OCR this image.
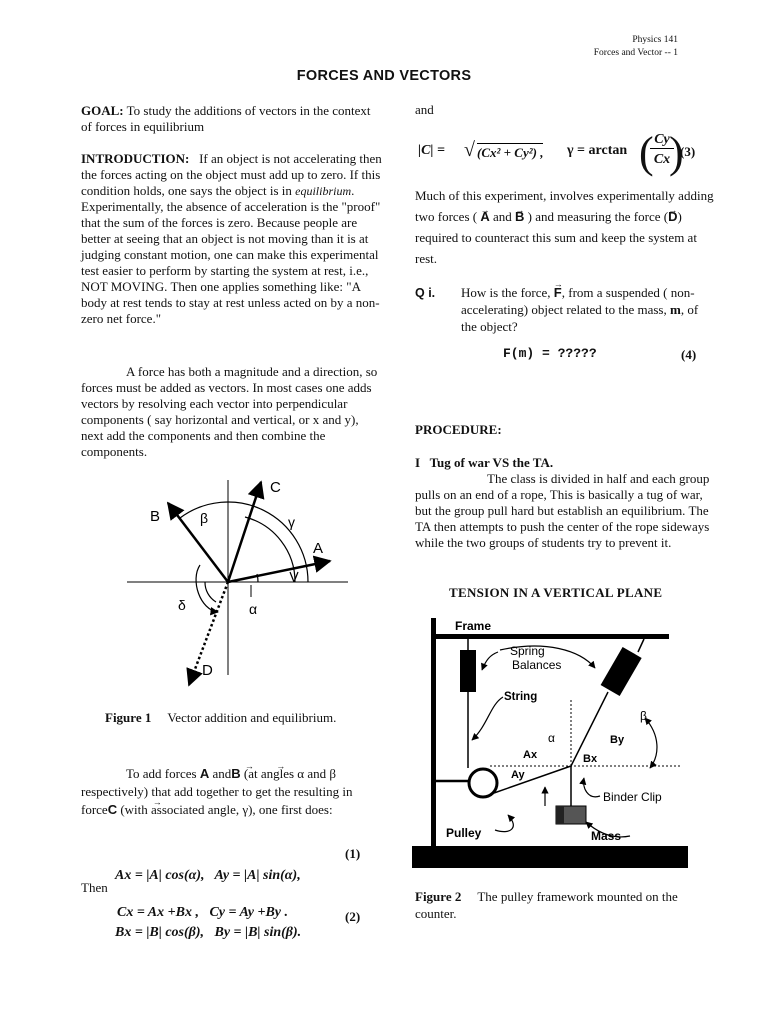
Physics 141
Forces and Vector -- 1
FORCES AND VECTORS
GOAL: To study the additions of vectors in the context of forces in equilibrium
INTRODUCTION: If an object is not accelerating then the forces acting on the object must add up to zero. If this condition holds, one says the object is in equilibrium. Experimentally, the absence of acceleration is the "proof" that the sum of the forces is zero. Because people are better at seeing that an object is not moving than it is at judging constant motion, one can make this experimental test easier to perform by starting the system at rest, i.e., NOT MOVING. Then one applies something like: "A body at rest tends to stay at rest unless acted on by a non-zero net force."
A force has both a magnitude and a direction, so forces must be added as vectors. In most cases one adds vectors by resolving each vector into perpendicular components ( say horizontal and vertical, or x and y), next add the components and then combine the components.
C
B
A
D
β	γ
α
δ
Figure 1 Vector addition and equilibrium.
To add forces → A and→ B (at angles α and β respectively) that add together to get the resulting in force→ C (with associated angle, γ), one first does:

Ax = |A| cos(α),   Ay = |A| sin(α),

Bx = |B| cos(β),   By = |B| sin(β).

(1)
Then
Cx = Ax +Bx ,   Cy = Ay +By .	(2)
and
|C| = √ (Cx² + Cy²) , γ = arctan ( Cy
Cx
)
(3)
Much of this experiment, involves experimentally adding two forces ( → A and → B ) and measuring the force (→ D) required to counteract this sum and keep the system at rest.
Q i. How is the force, → F, from a suspended ( non-accelerating) object related to the mass, m, of the object?
F(m) = ?????	(4)
PROCEDURE:
I   Tug of war VS the TA.
The class is divided in half and each group pulls on an end of a rope, This is basically a tug of war, but the group pull hard but establish an equilibrium. The TA then attempts to push the center of the rope sideways while the two groups of students try to prevent it.
TENSION IN A VERTICAL PLANE
Frame
Spring
Balances
String
α
β
Ax
Ay
Bx
By
Binder Clip
Pulley	Mass
Figure 2 The pulley framework mounted on the counter.
